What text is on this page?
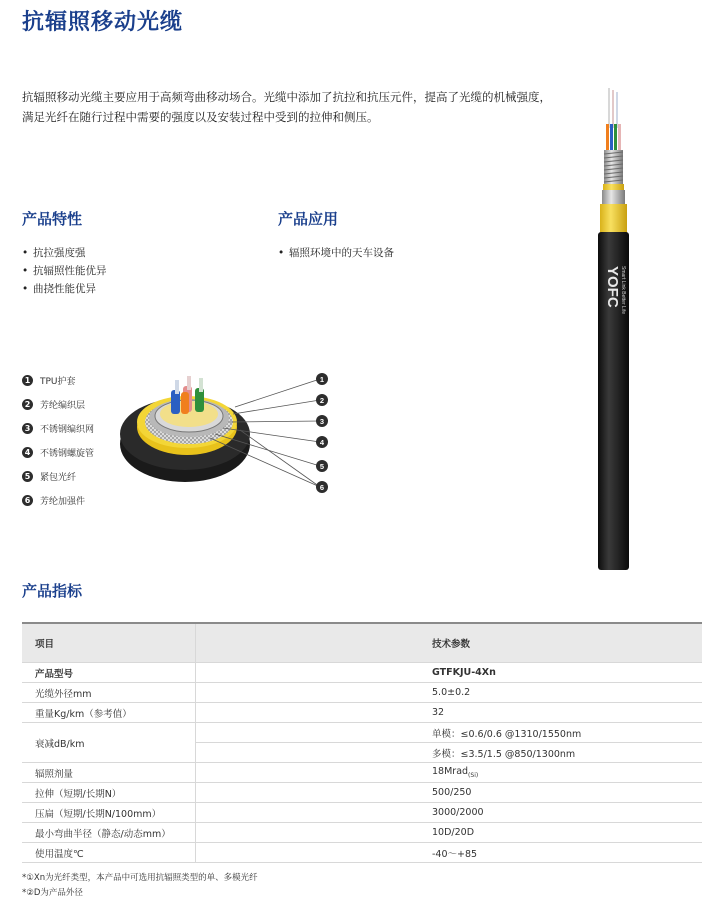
抗辐照移动光缆
抗辐照移动光缆主要应用于高频弯曲移动场合。光缆中添加了抗拉和抗压元件，提高了光缆的机械强度，满足光纤在随行过程中需要的强度以及安装过程中受到的拉伸和侧压。
产品特性
• 抗拉强度强
• 抗辐照性能优异
• 曲挠性能优异
产品应用
• 辐照环境中的天车设备
1	TPU护套
2	芳纶编织层
3	不锈钢编织网
4	不锈钢螺旋管
5	紧包光纤
6	芳纶加强件
1
2
3
4
5
6
YOFC Smart Link Better Life
产品指标
项目	技术参数
产品型号	GTFKJU-4Xn
光缆外径mm	5.0±0.2
重量Kg/km（参考值）	32
衰减dB/km	单模：≤0.6/0.6 @1310/1550nm
	多模：≤3.5/1.5 @850/1300nm
辐照剂量	18Mrad$_{(Si)}$
拉伸（短期/长期N）	500/250
压扁（短期/长期N/100mm）	3000/2000
最小弯曲半径（静态/动态mm）	10D/20D
使用温度℃	-40～+85
*①Xn为光纤类型，本产品中可选用抗辐照类型的单、多模光纤
*②D为产品外径
